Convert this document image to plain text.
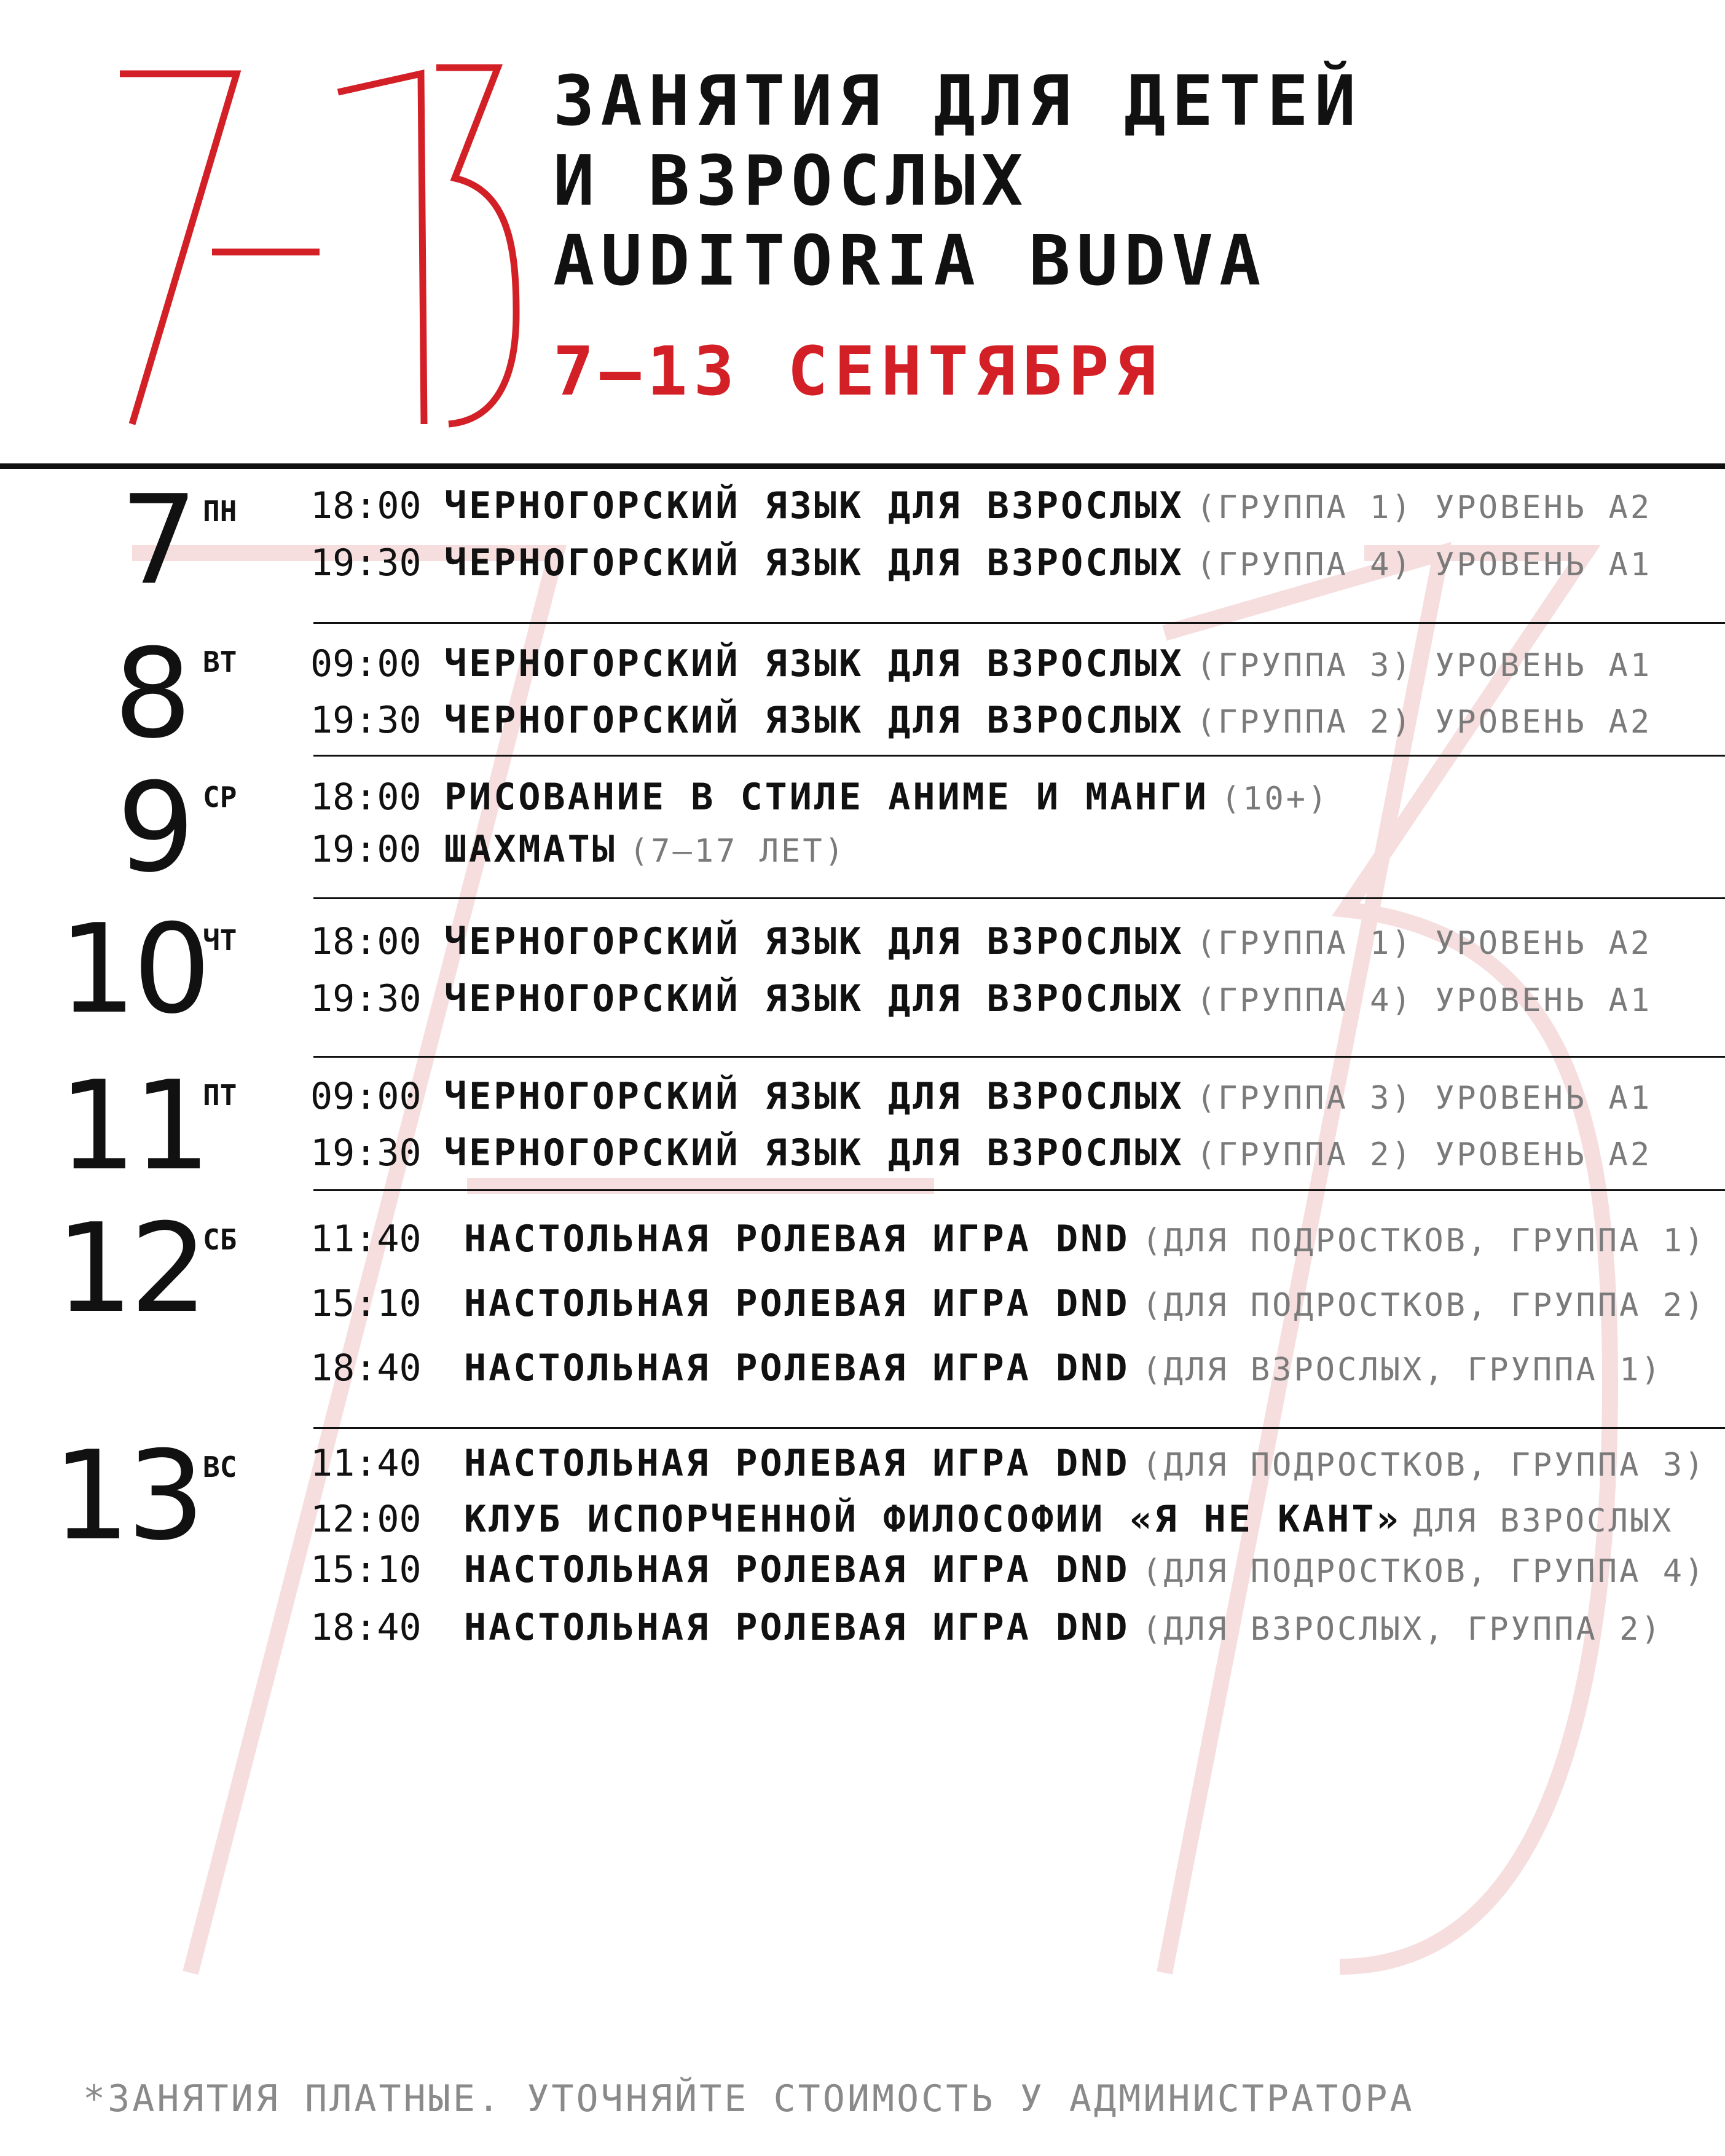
ЗАНЯТИЯ ДЛЯ ДЕТЕЙ
И ВЗРОСЛЫХ
AUDITORIA BUDVA
7—13 СЕНТЯБРЯ
7 ПН 18:00 ЧЕРНОГОРСКИЙ ЯЗЫК ДЛЯ ВЗРОСЛЫХ (ГРУППА 1) УРОВЕНЬ А2
19:30 ЧЕРНОГОРСКИЙ ЯЗЫК ДЛЯ ВЗРОСЛЫХ (ГРУППА 4) УРОВЕНЬ А1
8 ВТ 09:00 ЧЕРНОГОРСКИЙ ЯЗЫК ДЛЯ ВЗРОСЛЫХ (ГРУППА 3) УРОВЕНЬ А1
19:30 ЧЕРНОГОРСКИЙ ЯЗЫК ДЛЯ ВЗРОСЛЫХ (ГРУППА 2) УРОВЕНЬ А2
9 СР 18:00 РИСОВАНИЕ В СТИЛЕ АНИМЕ И МАНГИ (10+)
19:00 ШАХМАТЫ (7—17 ЛЕТ)
10
ЧТ 18:00 ЧЕРНОГОРСКИЙ ЯЗЫК ДЛЯ ВЗРОСЛЫХ (ГРУППА 1) УРОВЕНЬ А2
19:30 ЧЕРНОГОРСКИЙ ЯЗЫК ДЛЯ ВЗРОСЛЫХ (ГРУППА 4) УРОВЕНЬ А1
11
ПТ 09:00 ЧЕРНОГОРСКИЙ ЯЗЫК ДЛЯ ВЗРОСЛЫХ (ГРУППА 3) УРОВЕНЬ А1
19:30 ЧЕРНОГОРСКИЙ ЯЗЫК ДЛЯ ВЗРОСЛЫХ (ГРУППА 2) УРОВЕНЬ А2
12
СБ 11:40 НАСТОЛЬНАЯ РОЛЕВАЯ ИГРА DND (ДЛЯ ПОДРОСТКОВ, ГРУППА 1)
15:10 НАСТОЛЬНАЯ РОЛЕВАЯ ИГРА DND (ДЛЯ ПОДРОСТКОВ, ГРУППА 2)
18:40 НАСТОЛЬНАЯ РОЛЕВАЯ ИГРА DND (ДЛЯ ВЗРОСЛЫХ, ГРУППА 1)
13 ВС 11:40 НАСТОЛЬНАЯ РОЛЕВАЯ ИГРА DND (ДЛЯ ПОДРОСТКОВ, ГРУППА 3)
12:00 КЛУБ ИСПОРЧЕННОЙ ФИЛОСОФИИ «Я НЕ КАНТ» ДЛЯ ВЗРОСЛЫХ
15:10 НАСТОЛЬНАЯ РОЛЕВАЯ ИГРА DND (ДЛЯ ПОДРОСТКОВ, ГРУППА 4)
18:40 НАСТОЛЬНАЯ РОЛЕВАЯ ИГРА DND (ДЛЯ ВЗРОСЛЫХ, ГРУППА 2)
*ЗАНЯТИЯ ПЛАТНЫЕ. УТОЧНЯЙТЕ СТОИМОСТЬ У АДМИНИСТРАТОРА
